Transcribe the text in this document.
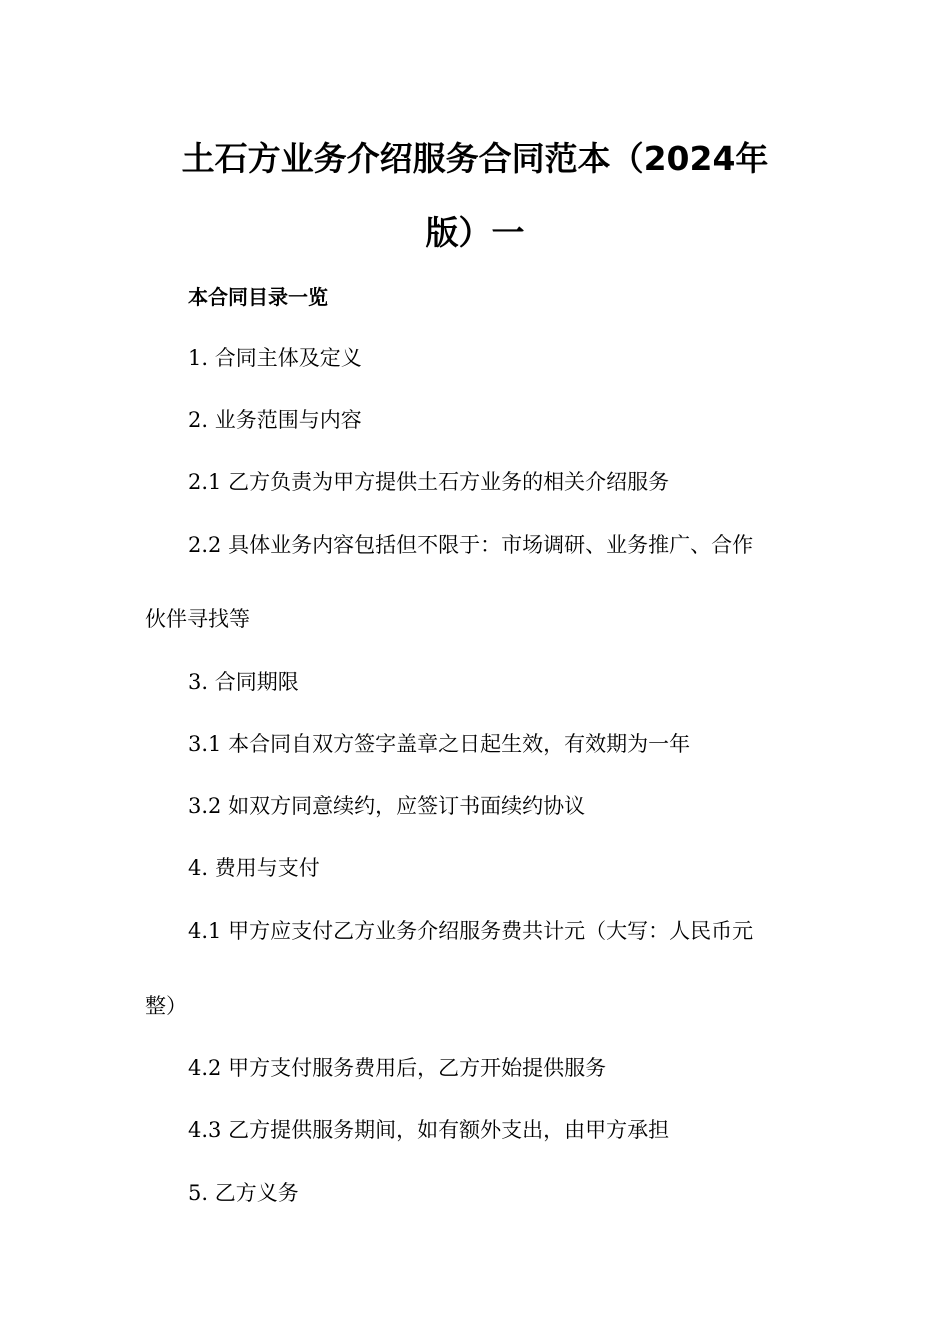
土石方业务介绍服务合同范本（2024年
版）一
本合同目录一览
1. 合同主体及定义
2. 业务范围与内容
2.1 乙方负责为甲方提供土石方业务的相关介绍服务
2.2 具体业务内容包括但不限于：市场调研、业务推广、合作
伙伴寻找等
3. 合同期限
3.1 本合同自双方签字盖章之日起生效，有效期为一年
3.2 如双方同意续约，应签订书面续约协议
4. 费用与支付
4.1 甲方应支付乙方业务介绍服务费共计元（大写：人民币元
整）
4.2 甲方支付服务费用后，乙方开始提供服务
4.3 乙方提供服务期间，如有额外支出，由甲方承担
5. 乙方义务
